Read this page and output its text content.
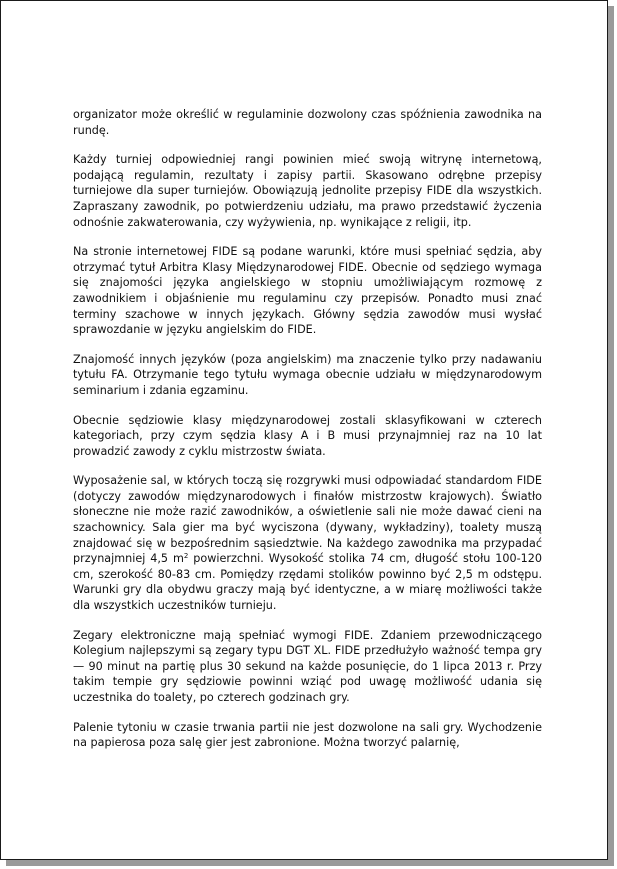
organizator może określić w regulaminie dozwolony czas spóźnienia zawodnika na rundę.

Każdy turniej odpowiedniej rangi powinien mieć swoją witrynę internetową, podającą regulamin, rezultaty i zapisy partii. Skasowano odrębne przepisy turniejowe dla super turniejów. Obowiązują jednolite przepisy FIDE dla wszystkich. Zapraszany zawodnik, po potwierdzeniu udziału, ma prawo przedstawić życzenia odnośnie zakwaterowania, czy wyżywienia, np. wynikające z religii, itp.

Na stronie internetowej FIDE są podane warunki, które musi spełniać sędzia, aby otrzymać tytuł Arbitra Klasy Międzynarodowej FIDE. Obecnie od sędziego wymaga się znajomości języka angielskiego w stopniu umożliwiającym rozmowę z zawodnikiem i objaśnienie mu regulaminu czy przepisów. Ponadto musi znać terminy szachowe w innych językach. Główny sędzia zawodów musi wysłać sprawozdanie w języku angielskim do FIDE.

Znajomość innych języków (poza angielskim) ma znaczenie tylko przy nadawaniu tytułu FA. Otrzymanie tego tytułu wymaga obecnie udziału w międzynarodowym seminarium i zdania egzaminu.

Obecnie sędziowie klasy międzynarodowej zostali sklasyfikowani w czterech kategoriach, przy czym sędzia klasy A i B musi przynajmniej raz na 10 lat prowadzić zawody z cyklu mistrzostw świata.

Wyposażenie sal, w których toczą się rozgrywki musi odpowiadać standardom FIDE (dotyczy zawodów międzynarodowych i finałów mistrzostw krajowych). Światło słoneczne nie może razić zawodników, a oświetlenie sali nie może dawać cieni na szachownicy. Sala gier ma być wyciszona (dywany, wykładziny), toalety muszą znajdować się w bezpośrednim sąsiedztwie. Na każdego zawodnika ma przypadać przynajmniej 4,5 $m^2$ powierzchni. Wysokość stolika 74 cm, długość stołu 100-120 cm, szerokość 80-83 cm. Pomiędzy rzędami stolików powinno być 2,5 m odstępu. Warunki gry dla obydwu graczy mają być identyczne, a w miarę możliwości także dla wszystkich uczestników turnieju.

Zegary elektroniczne mają spełniać wymogi FIDE. Zdaniem przewodniczącego Kolegium najlepszymi są zegary typu DGT XL. FIDE przedłużyło ważność tempa gry — 90 minut na partię plus 30 sekund na każde posunięcie, do 1 lipca 2013 r. Przy takim tempie gry sędziowie powinni wziąć pod uwagę możliwość udania się uczestnika do toalety, po czterech godzinach gry.

Palenie tytoniu w czasie trwania partii nie jest dozwolone na sali gry. Wychodzenie na papierosa poza salę gier jest zabronione. Można tworzyć palarnię,
